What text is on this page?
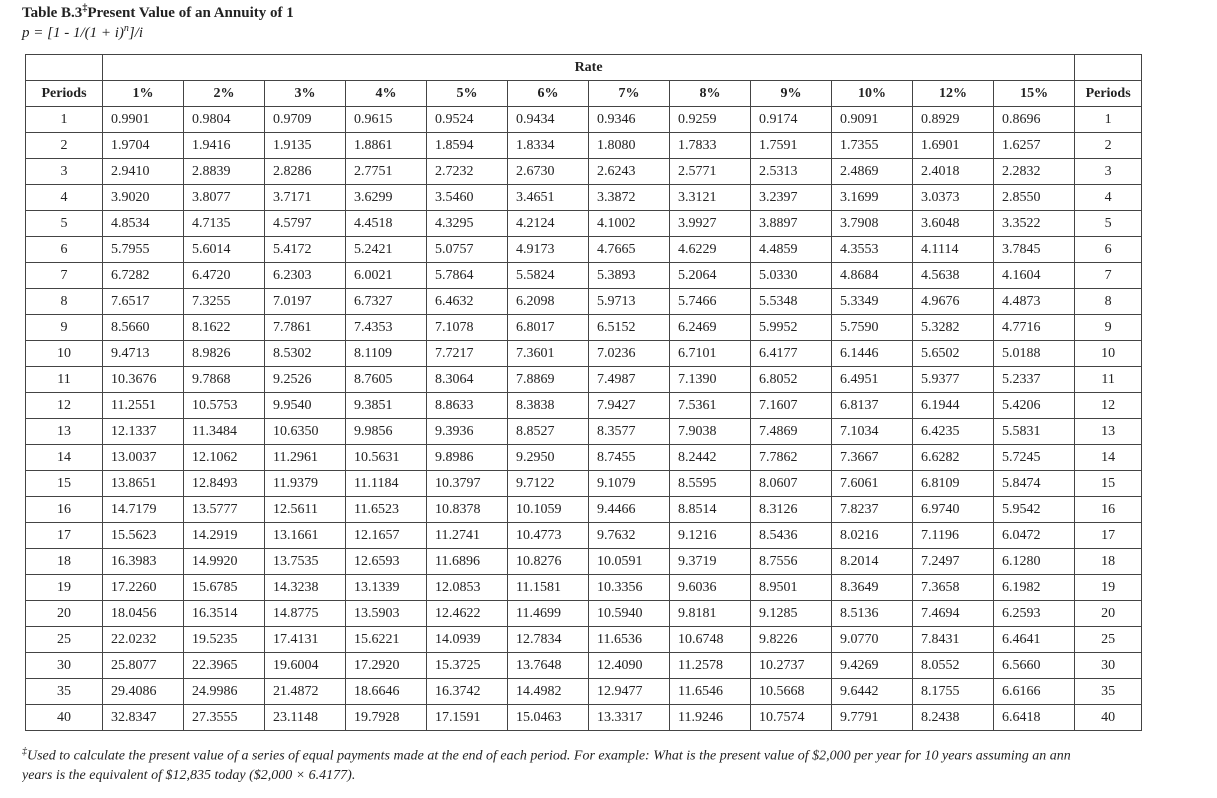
Table B.3‡Present Value of an Annuity of 1
$p = [1 - 1/(1 + i)^n]/i$
	Rate												
Periods	1%	2%	3%	4%	5%	6%	7%	8%	9%	10%	12%	15%	Periods
1	0.9901	0.9804	0.9709	0.9615	0.9524	0.9434	0.9346	0.9259	0.9174	0.9091	0.8929	0.8696	1
2	1.9704	1.9416	1.9135	1.8861	1.8594	1.8334	1.8080	1.7833	1.7591	1.7355	1.6901	1.6257	2
3	2.9410	2.8839	2.8286	2.7751	2.7232	2.6730	2.6243	2.5771	2.5313	2.4869	2.4018	2.2832	3
4	3.9020	3.8077	3.7171	3.6299	3.5460	3.4651	3.3872	3.3121	3.2397	3.1699	3.0373	2.8550	4
5	4.8534	4.7135	4.5797	4.4518	4.3295	4.2124	4.1002	3.9927	3.8897	3.7908	3.6048	3.3522	5
6	5.7955	5.6014	5.4172	5.2421	5.0757	4.9173	4.7665	4.6229	4.4859	4.3553	4.1114	3.7845	6
7	6.7282	6.4720	6.2303	6.0021	5.7864	5.5824	5.3893	5.2064	5.0330	4.8684	4.5638	4.1604	7
8	7.6517	7.3255	7.0197	6.7327	6.4632	6.2098	5.9713	5.7466	5.5348	5.3349	4.9676	4.4873	8
9	8.5660	8.1622	7.7861	7.4353	7.1078	6.8017	6.5152	6.2469	5.9952	5.7590	5.3282	4.7716	9
10	9.4713	8.9826	8.5302	8.1109	7.7217	7.3601	7.0236	6.7101	6.4177	6.1446	5.6502	5.0188	10
11	10.3676	9.7868	9.2526	8.7605	8.3064	7.8869	7.4987	7.1390	6.8052	6.4951	5.9377	5.2337	11
12	11.2551	10.5753	9.9540	9.3851	8.8633	8.3838	7.9427	7.5361	7.1607	6.8137	6.1944	5.4206	12
13	12.1337	11.3484	10.6350	9.9856	9.3936	8.8527	8.3577	7.9038	7.4869	7.1034	6.4235	5.5831	13
14	13.0037	12.1062	11.2961	10.5631	9.8986	9.2950	8.7455	8.2442	7.7862	7.3667	6.6282	5.7245	14
15	13.8651	12.8493	11.9379	11.1184	10.3797	9.7122	9.1079	8.5595	8.0607	7.6061	6.8109	5.8474	15
16	14.7179	13.5777	12.5611	11.6523	10.8378	10.1059	9.4466	8.8514	8.3126	7.8237	6.9740	5.9542	16
17	15.5623	14.2919	13.1661	12.1657	11.2741	10.4773	9.7632	9.1216	8.5436	8.0216	7.1196	6.0472	17
18	16.3983	14.9920	13.7535	12.6593	11.6896	10.8276	10.0591	9.3719	8.7556	8.2014	7.2497	6.1280	18
19	17.2260	15.6785	14.3238	13.1339	12.0853	11.1581	10.3356	9.6036	8.9501	8.3649	7.3658	6.1982	19
20	18.0456	16.3514	14.8775	13.5903	12.4622	11.4699	10.5940	9.8181	9.1285	8.5136	7.4694	6.2593	20
25	22.0232	19.5235	17.4131	15.6221	14.0939	12.7834	11.6536	10.6748	9.8226	9.0770	7.8431	6.4641	25
30	25.8077	22.3965	19.6004	17.2920	15.3725	13.7648	12.4090	11.2578	10.2737	9.4269	8.0552	6.5660	30
35	29.4086	24.9986	21.4872	18.6646	16.3742	14.4982	12.9477	11.6546	10.5668	9.6442	8.1755	6.6166	35
40	32.8347	27.3555	23.1148	19.7928	17.1591	15.0463	13.3317	11.9246	10.7574	9.7791	8.2438	6.6418	40
‡Used to calculate the present value of a series of equal payments made at the end of each period. For example: What is the present value of $2,000 per year for 10 years assuming an ann
years is the equivalent of $12,835 today ($2,000 × 6.4177).
